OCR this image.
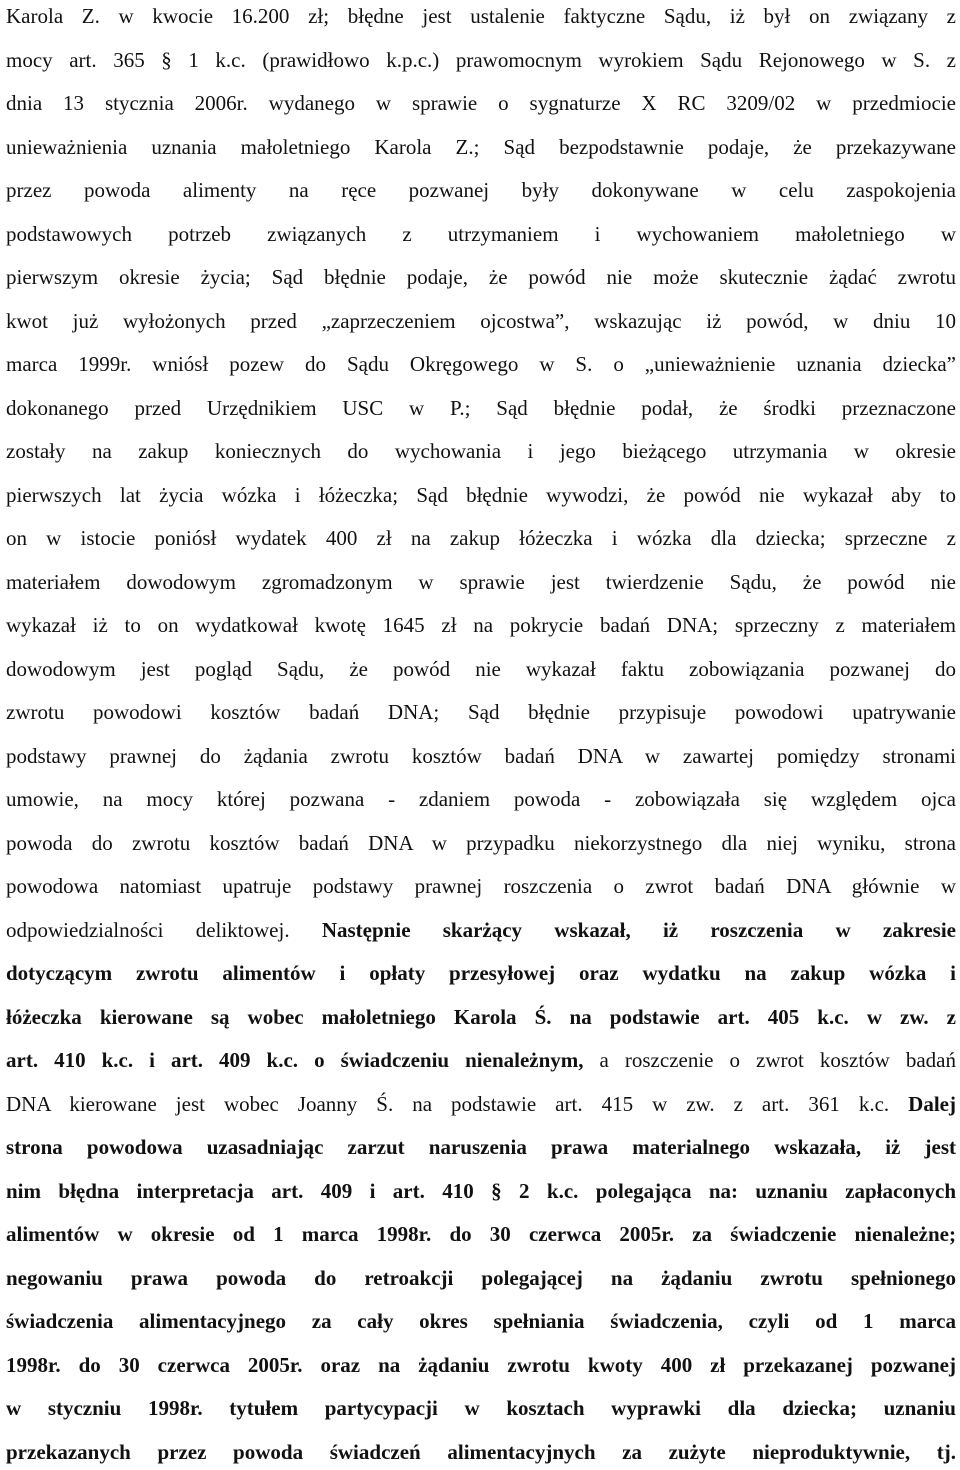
Karola Z. w kwocie 16.200 zł; błędne jest ustalenie faktyczne Sądu, iż był on związany z
mocy art. 365 § 1 k.c. (prawidłowo k.p.c.) prawomocnym wyrokiem Sądu Rejonowego w S. z
dnia 13 stycznia 2006r. wydanego w sprawie o sygnaturze X RC 3209/02 w przedmiocie
unieważnienia uznania małoletniego Karola Z.; Sąd bezpodstawnie podaje, że przekazywane
przez powoda alimenty na ręce pozwanej były dokonywane w celu zaspokojenia
podstawowych potrzeb związanych z utrzymaniem i wychowaniem małoletniego w
pierwszym okresie życia; Sąd błędnie podaje, że powód nie może skutecznie żądać zwrotu
kwot już wyłożonych przed „zaprzeczeniem ojcostwa”, wskazując iż powód, w dniu 10
marca 1999r. wniósł pozew do Sądu Okręgowego w S. o „unieważnienie uznania dziecka”
dokonanego przed Urzędnikiem USC w P.; Sąd błędnie podał, że środki przeznaczone
zostały na zakup koniecznych do wychowania i jego bieżącego utrzymania w okresie
pierwszych lat życia wózka i łóżeczka; Sąd błędnie wywodzi, że powód nie wykazał aby to
on w istocie poniósł wydatek 400 zł na zakup łóżeczka i wózka dla dziecka; sprzeczne z
materiałem dowodowym zgromadzonym w sprawie jest twierdzenie Sądu, że powód nie
wykazał iż to on wydatkował kwotę 1645 zł na pokrycie badań DNA; sprzeczny z materiałem
dowodowym jest pogląd Sądu, że powód nie wykazał faktu zobowiązania pozwanej do
zwrotu powodowi kosztów badań DNA; Sąd błędnie przypisuje powodowi upatrywanie
podstawy prawnej do żądania zwrotu kosztów badań DNA w zawartej pomiędzy stronami
umowie, na mocy której pozwana - zdaniem powoda - zobowiązała się względem ojca
powoda do zwrotu kosztów badań DNA w przypadku niekorzystnego dla niej wyniku, strona
powodowa natomiast upatruje podstawy prawnej roszczenia o zwrot badań DNA głównie w
odpowiedzialności deliktowej. Następnie skarżący wskazał, iż roszczenia w zakresie
dotyczącym zwrotu alimentów i opłaty przesyłowej oraz wydatku na zakup wózka i
łóżeczka kierowane są wobec małoletniego Karola Ś. na podstawie art. 405 k.c. w zw. z
art. 410 k.c. i art. 409 k.c. o świadczeniu nienależnym, a roszczenie o zwrot kosztów badań
DNA kierowane jest wobec Joanny Ś. na podstawie art. 415 w zw. z art. 361 k.c. Dalej
strona powodowa uzasadniając zarzut naruszenia prawa materialnego wskazała, iż jest
nim błędna interpretacja art. 409 i art. 410 § 2 k.c. polegająca na: uznaniu zapłaconych
alimentów w okresie od 1 marca 1998r. do 30 czerwca 2005r. za świadczenie nienależne;
negowaniu prawa powoda do retroakcji polegającej na żądaniu zwrotu spełnionego
świadczenia alimentacyjnego za cały okres spełniania świadczenia, czyli od 1 marca
1998r. do 30 czerwca 2005r. oraz na żądaniu zwrotu kwoty 400 zł przekazanej pozwanej
w styczniu 1998r. tytułem partycypacji w kosztach wyprawki dla dziecka; uznaniu
przekazanych przez powoda świadczeń alimentacyjnych za zużyte nieproduktywnie, tj.
